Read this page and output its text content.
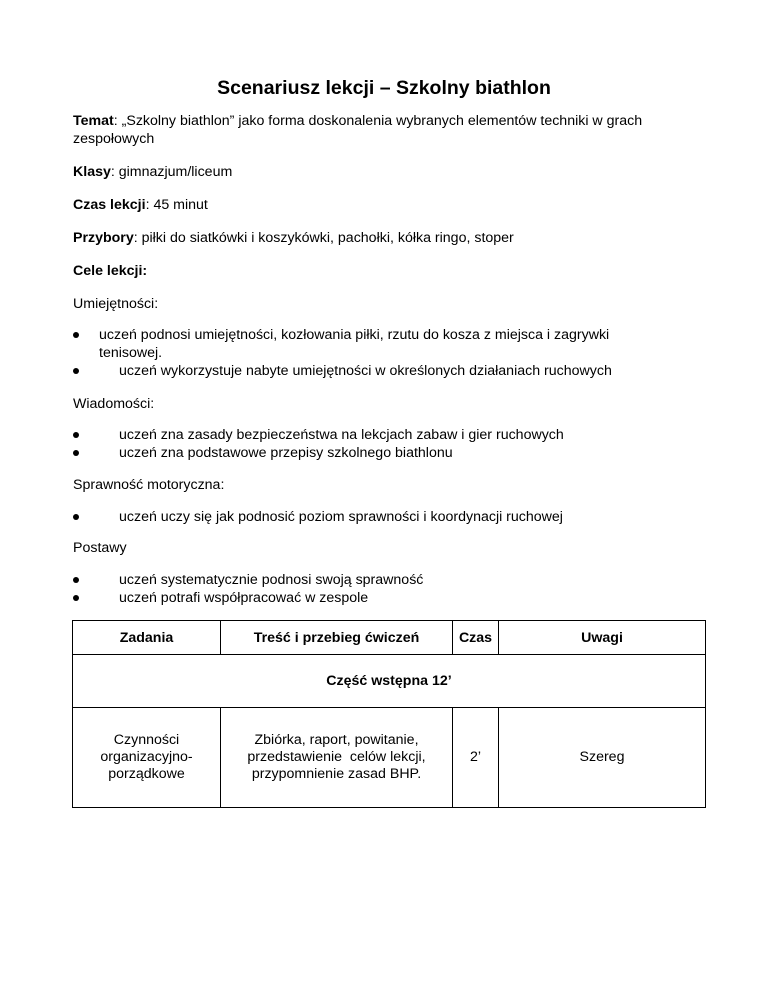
Scenariusz lekcji – Szkolny biathlon
Temat: „Szkolny biathlon” jako forma doskonalenia wybranych elementów techniki w grach
zespołowych
Klasy: gimnazjum/liceum
Czas lekcji: 45 minut
Przybory: piłki do siatkówki i koszykówki, pachołki, kółka ringo, stoper
Cele lekcji:
Umiejętności:
uczeń podnosi umiejętności, kozłowania piłki, rzutu do kosza z miejsca i zagrywki
tenisowej.
uczeń wykorzystuje nabyte umiejętności w określonych działaniach ruchowych
Wiadomości:
uczeń zna zasady bezpieczeństwa na lekcjach zabaw i gier ruchowych
uczeń zna podstawowe przepisy szkolnego biathlonu
Sprawność motoryczna:
uczeń uczy się jak podnosić poziom sprawności i koordynacji ruchowej
Postawy
uczeń systematycznie podnosi swoją sprawność
uczeń potrafi współpracować w zespole
Zadania	Treść i przebieg ćwiczeń	Czas	Uwagi
Część wstępna 12’			
Czynności
organizacyjno-
porządkowe	Zbiórka, raport, powitanie,
przedstawienie  celów lekcji,
przypomnienie zasad BHP.	2’	Szereg
